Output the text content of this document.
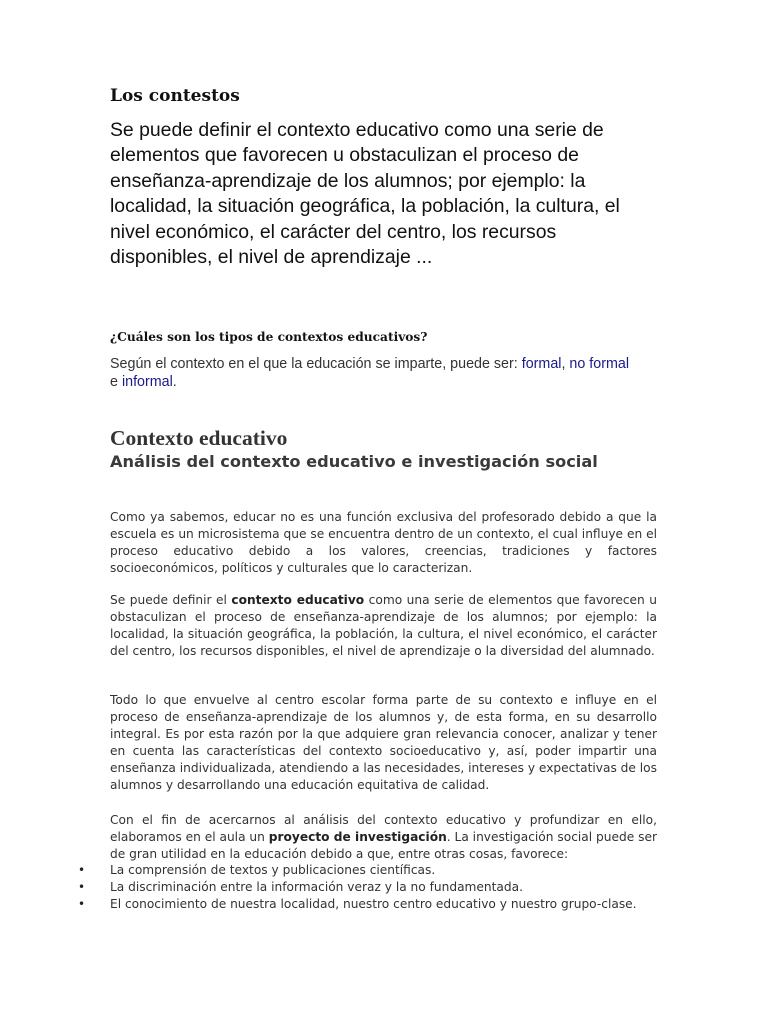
Los contestos

Se puede definir el contexto educativo como una serie de elementos que favorecen u obstaculizan el proceso de enseñanza-aprendizaje de los alumnos; por ejemplo: la localidad, la situación geográfica, la población, la cultura, el nivel económico, el carácter del centro, los recursos disponibles, el nivel de aprendizaje ...

¿Cuáles son los tipos de contextos educativos?

Según el contexto en el que la educación se imparte, puede ser: formal, no formal e informal.

Contexto educativo
Análisis del contexto educativo e investigación social

Como ya sabemos, educar no es una función exclusiva del profesorado debido a que la escuela es un microsistema que se encuentra dentro de un contexto, el cual influye en el proceso educativo debido a los valores, creencias, tradiciones y factores socioeconómicos, políticos y culturales que lo caracterizan.

Se puede definir el contexto educativo como una serie de elementos que favorecen u obstaculizan el proceso de enseñanza-aprendizaje de los alumnos; por ejemplo: la localidad, la situación geográfica, la población, la cultura, el nivel económico, el carácter del centro, los recursos disponibles, el nivel de aprendizaje o la diversidad del alumnado.

Todo lo que envuelve al centro escolar forma parte de su contexto e influye en el proceso de enseñanza-aprendizaje de los alumnos y, de esta forma, en su desarrollo integral. Es por esta razón por la que adquiere gran relevancia conocer, analizar y tener en cuenta las características del contexto socioeducativo y, así, poder impartir una enseñanza individualizada, atendiendo a las necesidades, intereses y expectativas de los alumnos y desarrollando una educación equitativa de calidad.

Con el fin de acercarnos al análisis del contexto educativo y profundizar en ello, elaboramos en el aula un proyecto de investigación. La investigación social puede ser de gran utilidad en la educación debido a que, entre otras cosas, favorece:

• La comprensión de textos y publicaciones científicas.
• La discriminación entre la información veraz y la no fundamentada.
• El conocimiento de nuestra localidad, nuestro centro educativo y nuestro grupo-clase.
